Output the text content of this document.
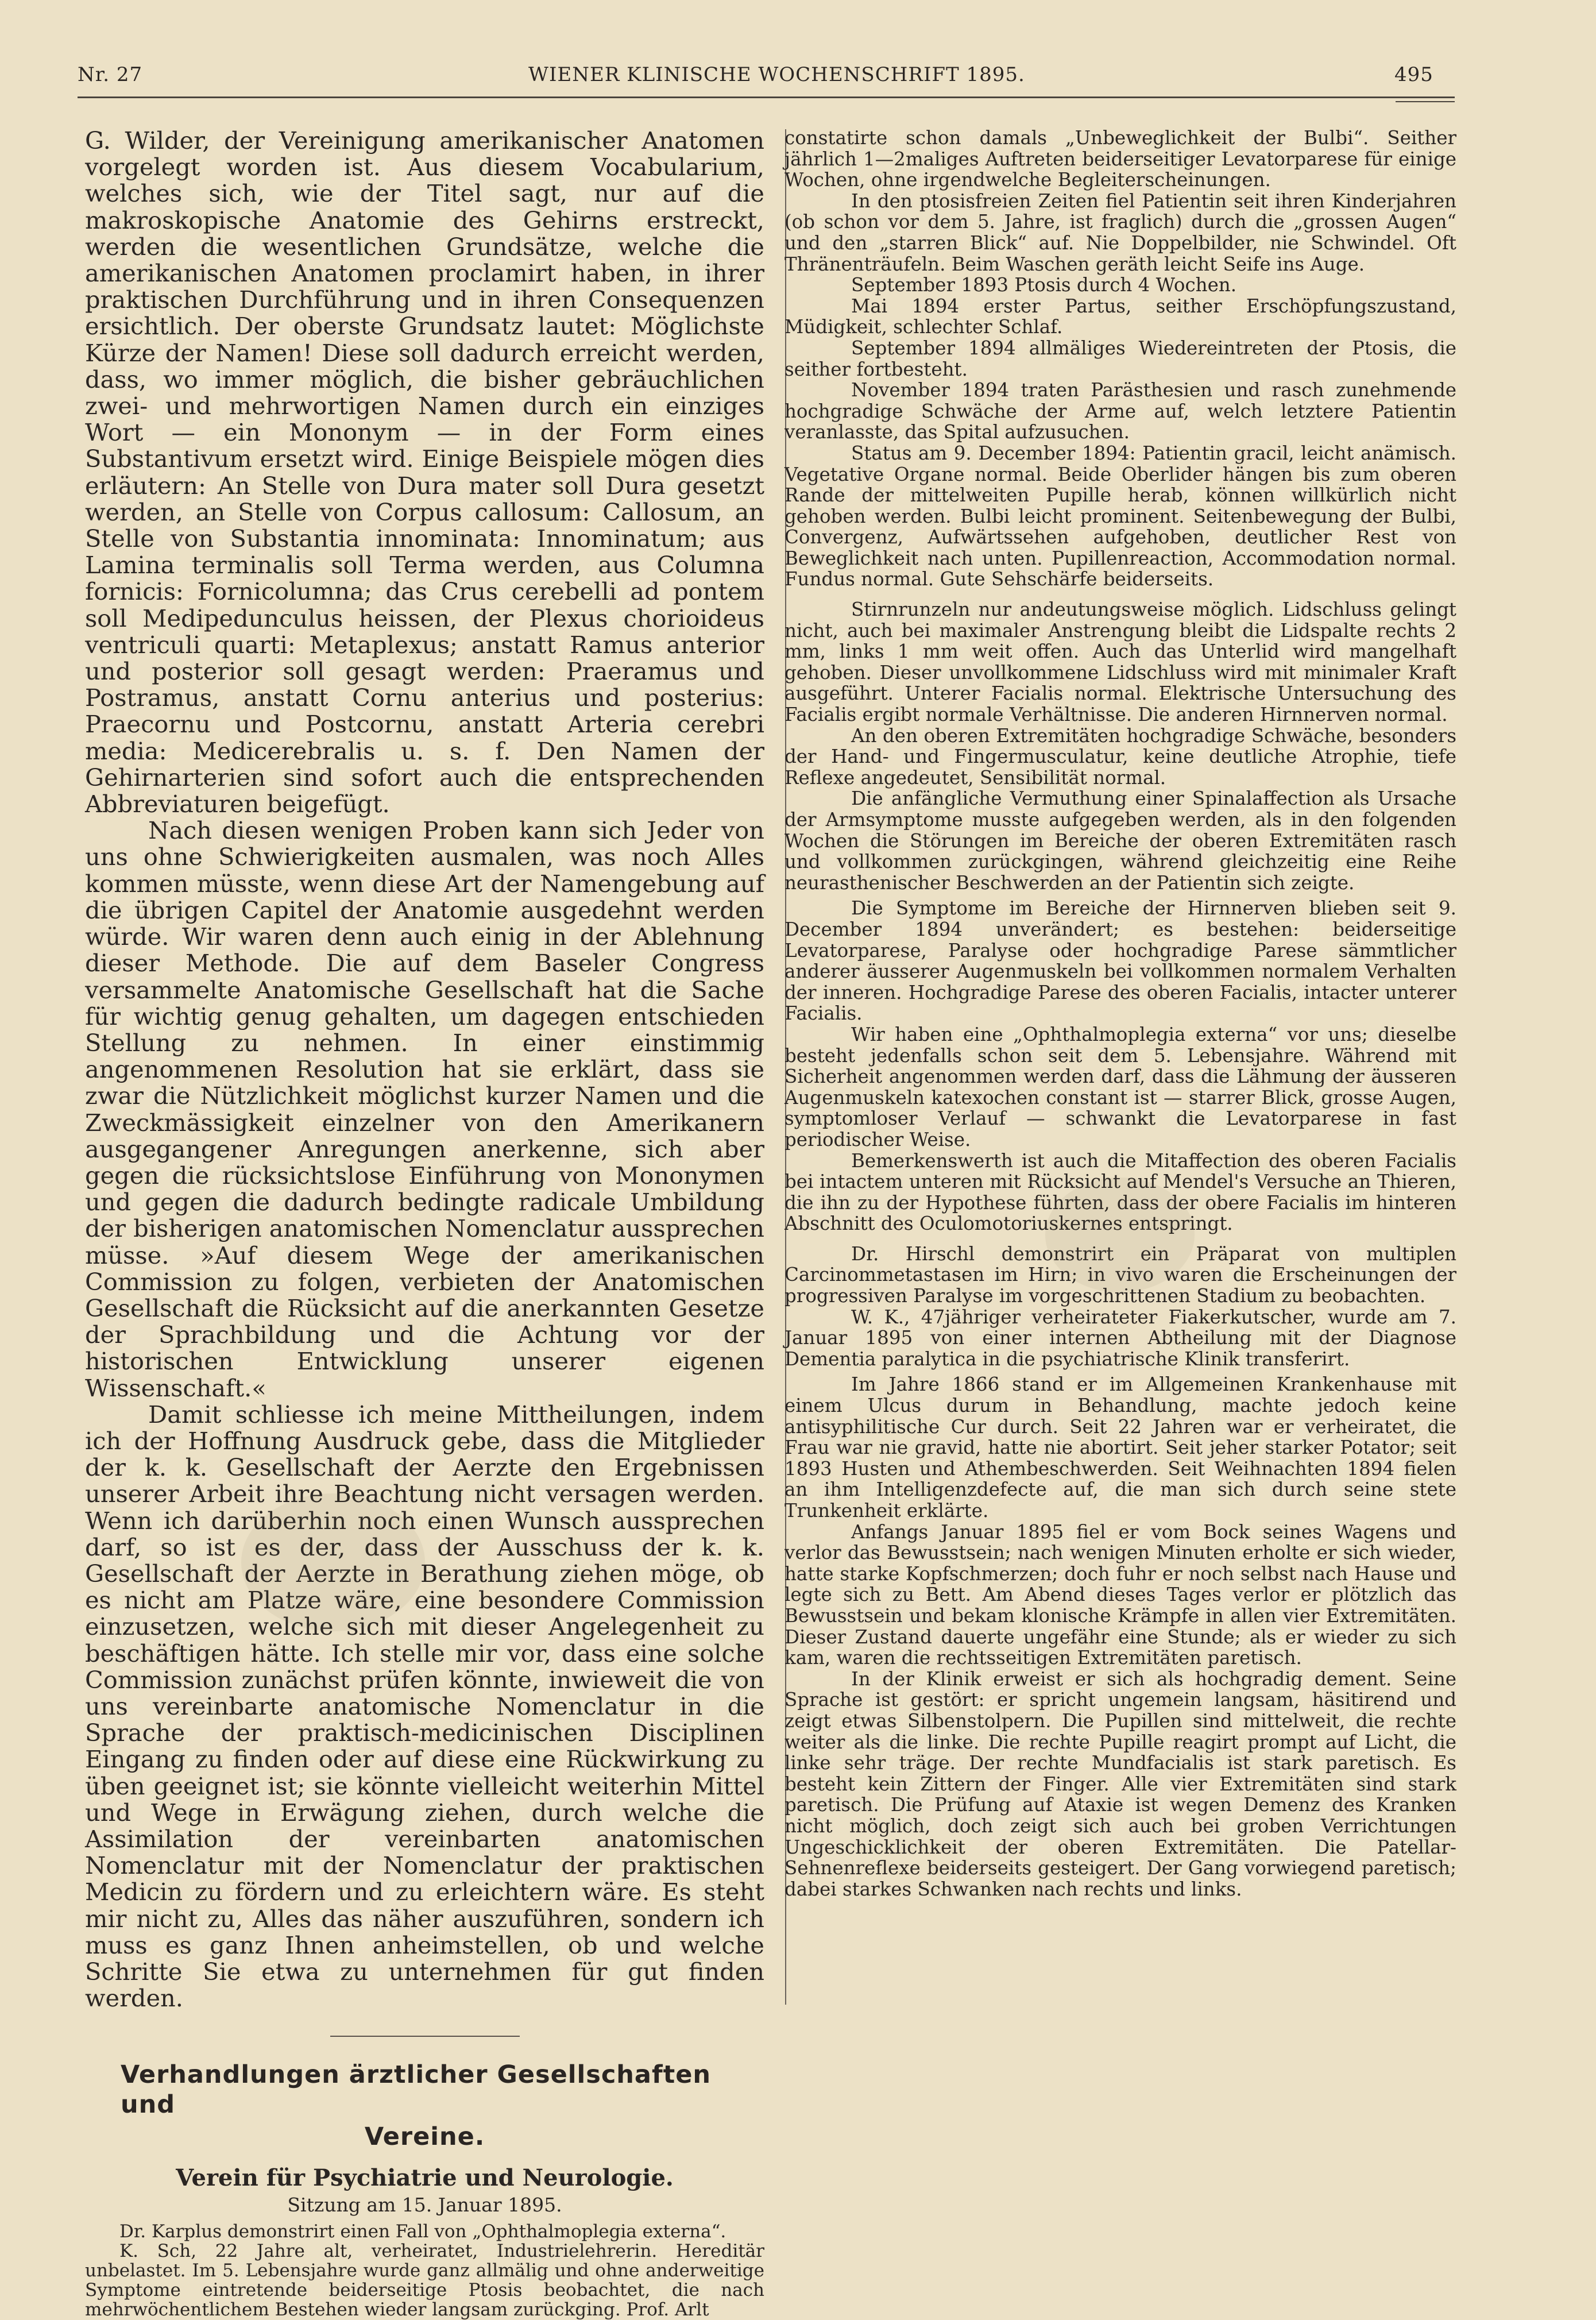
Nr. 27	WIENER KLINISCHE WOCHENSCHRIFT 1895.	495

G. Wilder, der Vereinigung amerikanischer Anatomen vorgelegt worden ist. Aus diesem Vocabularium, welches sich, wie der Titel sagt, nur auf die makroskopische Anatomie des Gehirns erstreckt, werden die wesentlichen Grundsätze, welche die amerikanischen Anatomen proclamirt haben, in ihrer praktischen Durchführung und in ihren Consequenzen ersichtlich. Der oberste Grundsatz lautet: Möglichste Kürze der Namen! Diese soll dadurch erreicht werden, dass, wo immer möglich, die bisher gebräuchlichen zwei- und mehrwortigen Namen durch ein einziges Wort — ein Mononym — in der Form eines Substantivum ersetzt wird. Einige Beispiele mögen dies erläutern: An Stelle von Dura mater soll Dura gesetzt werden, an Stelle von Corpus callosum: Callosum, an Stelle von Substantia innominata: Innominatum; aus Lamina terminalis soll Terma werden, aus Columna fornicis: Fornicolumna; das Crus cerebelli ad pontem soll Medipedunculus heissen, der Plexus chorioideus ventriculi quarti: Metaplexus; anstatt Ramus anterior und posterior soll gesagt werden: Praeramus und Postramus, anstatt Cornu anterius und posterius: Praecornu und Postcornu, anstatt Arteria cerebri media: Medicerebralis u. s. f. Den Namen der Gehirnarterien sind sofort auch die entsprechenden Abbreviaturen beigefügt.

Nach diesen wenigen Proben kann sich Jeder von uns ohne Schwierigkeiten ausmalen, was noch Alles kommen müsste, wenn diese Art der Namengebung auf die übrigen Capitel der Anatomie ausgedehnt werden würde. Wir waren denn auch einig in der Ablehnung dieser Methode. Die auf dem Baseler Congress versammelte Anatomische Gesellschaft hat die Sache für wichtig genug gehalten, um dagegen entschieden Stellung zu nehmen. In einer einstimmig angenommenen Resolution hat sie erklärt, dass sie zwar die Nützlichkeit möglichst kurzer Namen und die Zweckmässigkeit einzelner von den Amerikanern ausgegangener Anregungen anerkenne, sich aber gegen die rücksichtslose Einführung von Mononymen und gegen die dadurch bedingte radicale Umbildung der bisherigen anatomischen Nomenclatur aussprechen müsse. »Auf diesem Wege der amerikanischen Commission zu folgen, verbieten der Anatomischen Gesellschaft die Rücksicht auf die anerkannten Gesetze der Sprachbildung und die Achtung vor der historischen Entwicklung unserer eigenen Wissenschaft.«

Damit schliesse ich meine Mittheilungen, indem ich der Hoffnung Ausdruck gebe, dass die Mitglieder der k. k. Gesellschaft der Aerzte den Ergebnissen unserer Arbeit ihre Beachtung nicht versagen werden. Wenn ich darüberhin noch einen Wunsch aussprechen darf, so ist es der, dass der Ausschuss der k. k. Gesellschaft der Aerzte in Berathung ziehen möge, ob es nicht am Platze wäre, eine besondere Commission einzusetzen, welche sich mit dieser Angelegenheit zu beschäftigen hätte. Ich stelle mir vor, dass eine solche Commission zunächst prüfen könnte, inwieweit die von uns vereinbarte anatomische Nomenclatur in die Sprache der praktisch-medicinischen Disciplinen Eingang zu finden oder auf diese eine Rückwirkung zu üben geeignet ist; sie könnte vielleicht weiterhin Mittel und Wege in Erwägung ziehen, durch welche die Assimilation der vereinbarten anatomischen Nomenclatur mit der Nomenclatur der praktischen Medicin zu fördern und zu erleichtern wäre. Es steht mir nicht zu, Alles das näher auszuführen, sondern ich muss es ganz Ihnen anheimstellen, ob und welche Schritte Sie etwa zu unternehmen für gut finden werden.

Verhandlungen ärztlicher Gesellschaften und
Vereine.
Verein für Psychiatrie und Neurologie.
Sitzung am 15. Januar 1895.

Dr. Karplus demonstrirt einen Fall von „Ophthalmoplegia externa“.

K. Sch, 22 Jahre alt, verheiratet, Industrielehrerin. Hereditär unbelastet. Im 5. Lebensjahre wurde ganz allmälig und ohne anderweitige Symptome eintretende beiderseitige Ptosis beobachtet, die nach mehrwöchentlichem Bestehen wieder langsam zurückging. Prof. Arlt

constatirte schon damals „Unbeweglichkeit der Bulbi“. Seither jährlich 1—2maliges Auftreten beiderseitiger Levatorparese für einige Wochen, ohne irgendwelche Begleiterscheinungen.

In den ptosisfreien Zeiten fiel Patientin seit ihren Kinderjahren (ob schon vor dem 5. Jahre, ist fraglich) durch die „grossen Augen“ und den „starren Blick“ auf. Nie Doppelbilder, nie Schwindel. Oft Thränenträufeln. Beim Waschen geräth leicht Seife ins Auge.

September 1893 Ptosis durch 4 Wochen.

Mai 1894 erster Partus, seither Erschöpfungszustand, Müdigkeit, schlechter Schlaf.

September 1894 allmäliges Wiedereintreten der Ptosis, die seither fortbesteht.

November 1894 traten Parästhesien und rasch zunehmende hochgradige Schwäche der Arme auf, welch letztere Patientin veranlasste, das Spital aufzusuchen.

Status am 9. December 1894: Patientin gracil, leicht anämisch. Vegetative Organe normal. Beide Oberlider hängen bis zum oberen Rande der mittelweiten Pupille herab, können willkürlich nicht gehoben werden. Bulbi leicht prominent. Seitenbewegung der Bulbi, Convergenz, Aufwärtssehen aufgehoben, deutlicher Rest von Beweglichkeit nach unten. Pupillenreaction, Accommodation normal. Fundus normal. Gute Sehschärfe beiderseits.

Stirnrunzeln nur andeutungsweise möglich. Lidschluss gelingt nicht, auch bei maximaler Anstrengung bleibt die Lidspalte rechts 2 mm, links 1 mm weit offen. Auch das Unterlid wird mangelhaft gehoben. Dieser unvollkommene Lidschluss wird mit minimaler Kraft ausgeführt. Unterer Facialis normal. Elektrische Untersuchung des Facialis ergibt normale Verhältnisse. Die anderen Hirnnerven normal.

An den oberen Extremitäten hochgradige Schwäche, besonders der Hand- und Fingermusculatur, keine deutliche Atrophie, tiefe Reflexe angedeutet, Sensibilität normal.

Die anfängliche Vermuthung einer Spinalaffection als Ursache der Armsymptome musste aufgegeben werden, als in den folgenden Wochen die Störungen im Bereiche der oberen Extremitäten rasch und vollkommen zurückgingen, während gleichzeitig eine Reihe neurasthenischer Beschwerden an der Patientin sich zeigte.

Die Symptome im Bereiche der Hirnnerven blieben seit 9. December 1894 unverändert; es bestehen: beiderseitige Levatorparese, Paralyse oder hochgradige Parese sämmtlicher anderer äusserer Augenmuskeln bei vollkommen normalem Verhalten der inneren. Hochgradige Parese des oberen Facialis, intacter unterer Facialis.

Wir haben eine „Ophthalmoplegia externa“ vor uns; dieselbe besteht jedenfalls schon seit dem 5. Lebensjahre. Während mit Sicherheit angenommen werden darf, dass die Lähmung der äusseren Augenmuskeln katexochen constant ist — starrer Blick, grosse Augen, symptomloser Verlauf — schwankt die Levatorparese in fast periodischer Weise.

Bemerkenswerth ist auch die Mitaffection des oberen Facialis bei intactem unteren mit Rücksicht auf Mendel's Versuche an Thieren, die ihn zu der Hypothese führten, dass der obere Facialis im hinteren Abschnitt des Oculomotoriuskernes entspringt.

Dr. Hirschl demonstrirt ein Präparat von multiplen Carcinommetastasen im Hirn; in vivo waren die Erscheinungen der progressiven Paralyse im vorgeschrittenen Stadium zu beobachten.

W. K., 47jähriger verheirateter Fiakerkutscher, wurde am 7. Januar 1895 von einer internen Abtheilung mit der Diagnose Dementia paralytica in die psychiatrische Klinik transferirt.

Im Jahre 1866 stand er im Allgemeinen Krankenhause mit einem Ulcus durum in Behandlung, machte jedoch keine antisyphilitische Cur durch. Seit 22 Jahren war er verheiratet, die Frau war nie gravid, hatte nie abortirt. Seit jeher starker Potator; seit 1893 Husten und Athembeschwerden. Seit Weihnachten 1894 fielen an ihm Intelligenzdefecte auf, die man sich durch seine stete Trunkenheit erklärte.

Anfangs Januar 1895 fiel er vom Bock seines Wagens und verlor das Bewusstsein; nach wenigen Minuten erholte er sich wieder, hatte starke Kopfschmerzen; doch fuhr er noch selbst nach Hause und legte sich zu Bett. Am Abend dieses Tages verlor er plötzlich das Bewusstsein und bekam klonische Krämpfe in allen vier Extremitäten. Dieser Zustand dauerte ungefähr eine Stunde; als er wieder zu sich kam, waren die rechtsseitigen Extremitäten paretisch.

In der Klinik erweist er sich als hochgradig dement. Seine Sprache ist gestört: er spricht ungemein langsam, häsitirend und zeigt etwas Silbenstolpern. Die Pupillen sind mittelweit, die rechte weiter als die linke. Die rechte Pupille reagirt prompt auf Licht, die linke sehr träge. Der rechte Mundfacialis ist stark paretisch. Es besteht kein Zittern der Finger. Alle vier Extremitäten sind stark paretisch. Die Prüfung auf Ataxie ist wegen Demenz des Kranken nicht möglich, doch zeigt sich auch bei groben Verrichtungen Ungeschicklichkeit der oberen Extremitäten. Die Patellar-Sehnenreflexe beiderseits gesteigert. Der Gang vorwiegend paretisch; dabei starkes Schwanken nach rechts und links.
